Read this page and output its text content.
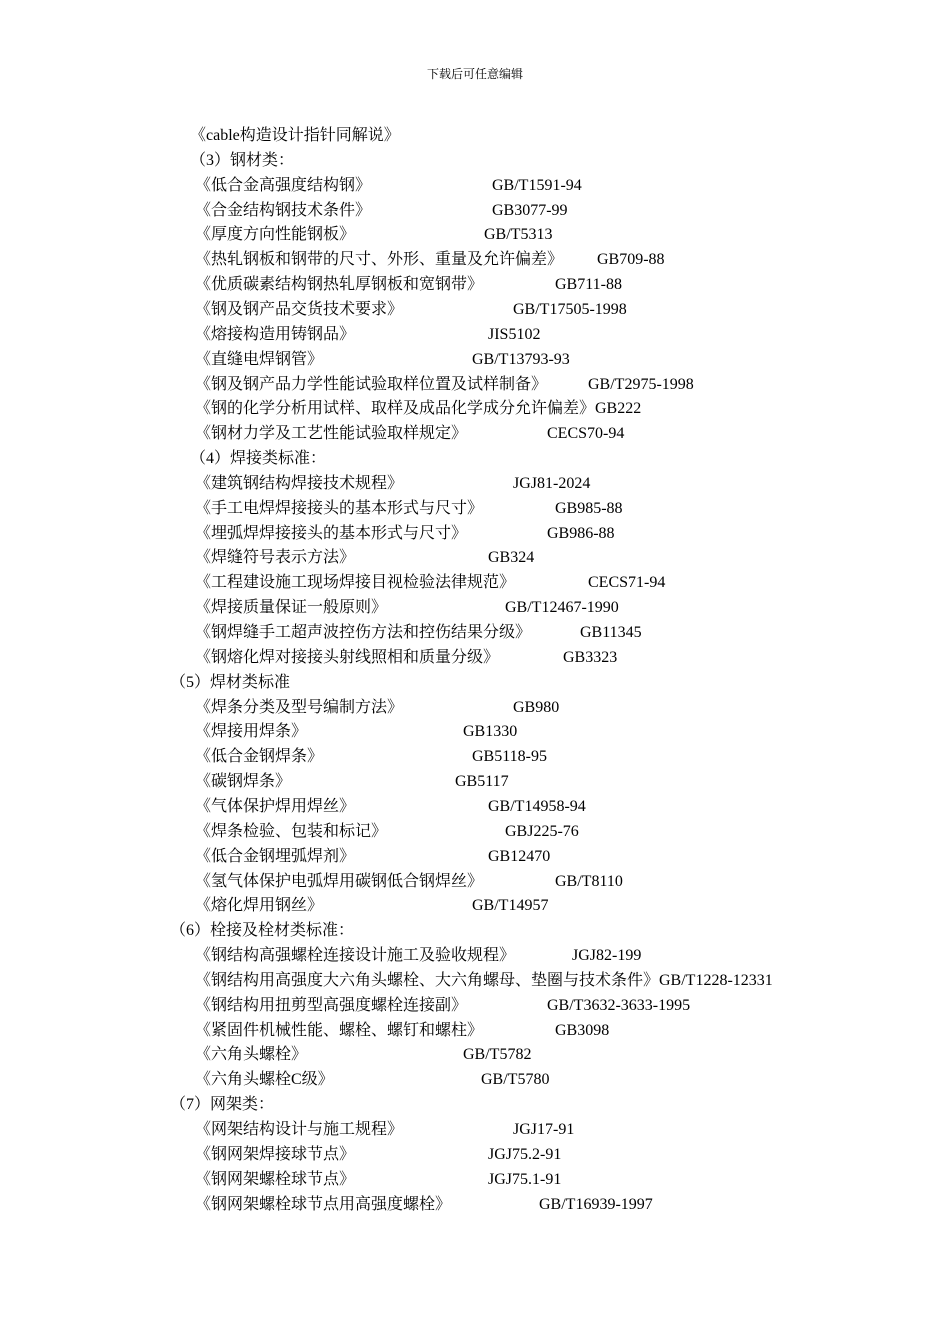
下载后可任意编辑
《cable构造设计指针同解说》
（3）钢材类：
《低合金高强度结构钢》	GB/T1591-94
《合金结构钢技术条件》	GB3077-99
《厚度方向性能钢板》	GB/T5313
《热轧钢板和钢带的尺寸、外形、重量及允许偏差》 GB709-88
《优质碳素结构钢热轧厚钢板和宽钢带》	GB711-88
《钢及钢产品交货技术要求》	GB/T17505-1998
《熔接构造用铸钢品》	JIS5102
《直缝电焊钢管》	GB/T13793-93
《钢及钢产品力学性能试验取样位置及试样制备》	GB/T2975-1998
《钢的化学分析用试样、取样及成品化学成分允许偏差》GB222
《钢材力学及工艺性能试验取样规定》	CECS70-94
（4）焊接类标准：
《建筑钢结构焊接技术规程》	JGJ81-2024
《手工电焊焊接接头的基本形式与尺寸》	GB985-88
《埋弧焊焊接接头的基本形式与尺寸》	GB986-88
《焊缝符号表示方法》	GB324
《工程建设施工现场焊接目视检验法律规范》	CECS71-94
《焊接质量保证一般原则》	GB/T12467-1990
《钢焊缝手工超声波控伤方法和控伤结果分级》	GB11345
《钢熔化焊对接接头射线照相和质量分级》	GB3323
（5）焊材类标准
《焊条分类及型号编制方法》	GB980
《焊接用焊条》	GB1330
《低合金钢焊条》	GB5118-95
《碳钢焊条》	GB5117
《气体保护焊用焊丝》	GB/T14958-94
《焊条检验、包装和标记》	GBJ225-76
《低合金钢埋弧焊剂》	GB12470
《氢气体保护电弧焊用碳钢低合钢焊丝》	GB/T8110
《熔化焊用钢丝》	GB/T14957
（6）栓接及栓材类标准：
《钢结构高强螺栓连接设计施工及验收规程》	JGJ82-199
《钢结构用高强度大六角头螺栓、大六角螺母、垫圈与技术条件》GB/T1228-12331
《钢结构用扭剪型高强度螺栓连接副》	GB/T3632-3633-1995
《紧固件机械性能、螺栓、螺钉和螺柱》	GB3098
《六角头螺栓》	GB/T5782
《六角头螺栓C级》	GB/T5780
（7）网架类：
《网架结构设计与施工规程》	JGJ17-91
《钢网架焊接球节点》	JGJ75.2-91
《钢网架螺栓球节点》	JGJ75.1-91
《钢网架螺栓球节点用高强度螺栓》	GB/T16939-1997
